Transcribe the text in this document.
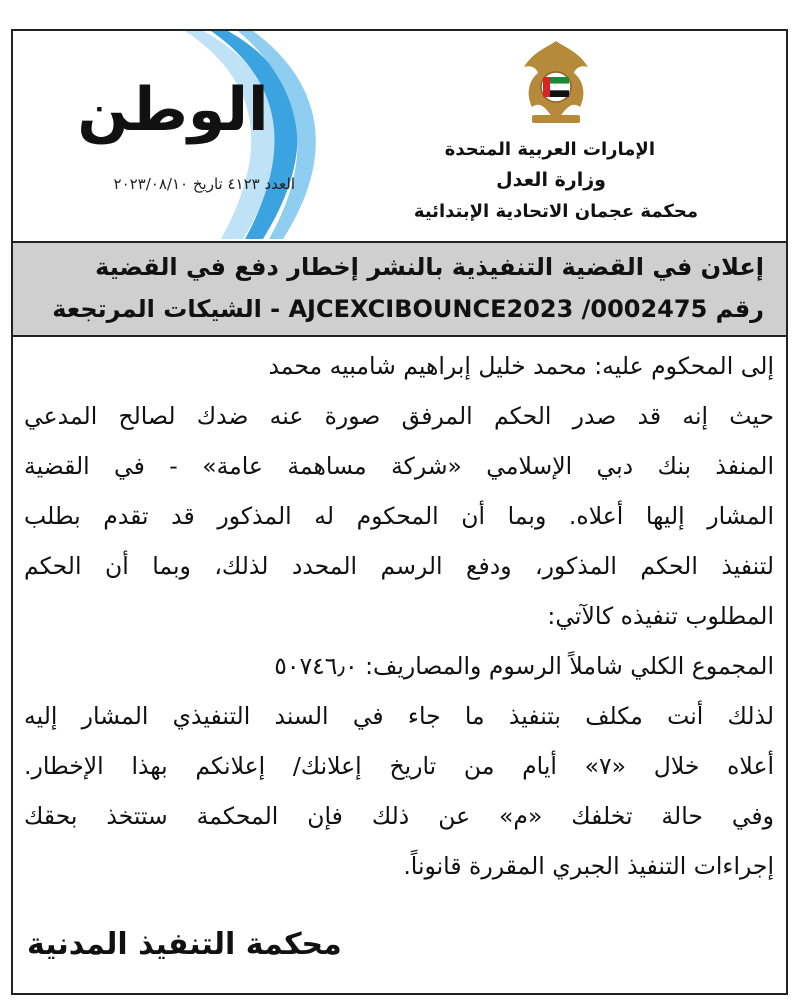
الوطن
العدد ٤١٢٣ تاريخ ٢٠٢٣/٠٨/١٠
الإمارات العربية المتحدة
وزارة العدل
محكمة عجمان الاتحادية الإبتدائية
إعلان في القضية التنفيذية بالنشر إخطار دفع في القضية
رقم AJCEXCIBOUNCE2023 /0002475 - الشيكات المرتجعة
إلى المحكوم عليه: محمد خليل إبراهيم شامبيه محمد
حيث إنه قد صدر الحكم المرفق صورة عنه ضدك لصالح المدعي
المنفذ بنك دبي الإسلامي «شركة مساهمة عامة» - في القضية
المشار إليها أعلاه. وبما أن المحكوم له المذكور قد تقدم بطلب
لتنفيذ الحكم المذكور، ودفع الرسم المحدد لذلك، وبما أن الحكم
المطلوب تنفيذه كالآتي:
المجموع الكلي شاملاً الرسوم والمصاريف: ٥٠٧٤٦٫٠
لذلك أنت مكلف بتنفيذ ما جاء في السند التنفيذي المشار إليه
أعلاه خلال «٧» أيام من تاريخ إعلانك/ إعلانكم بهذا الإخطار.
وفي حالة تخلفك «م» عن ذلك فإن المحكمة ستتخذ بحقك
إجراءات التنفيذ الجبري المقررة قانوناً.
محكمة التنفيذ المدنية
